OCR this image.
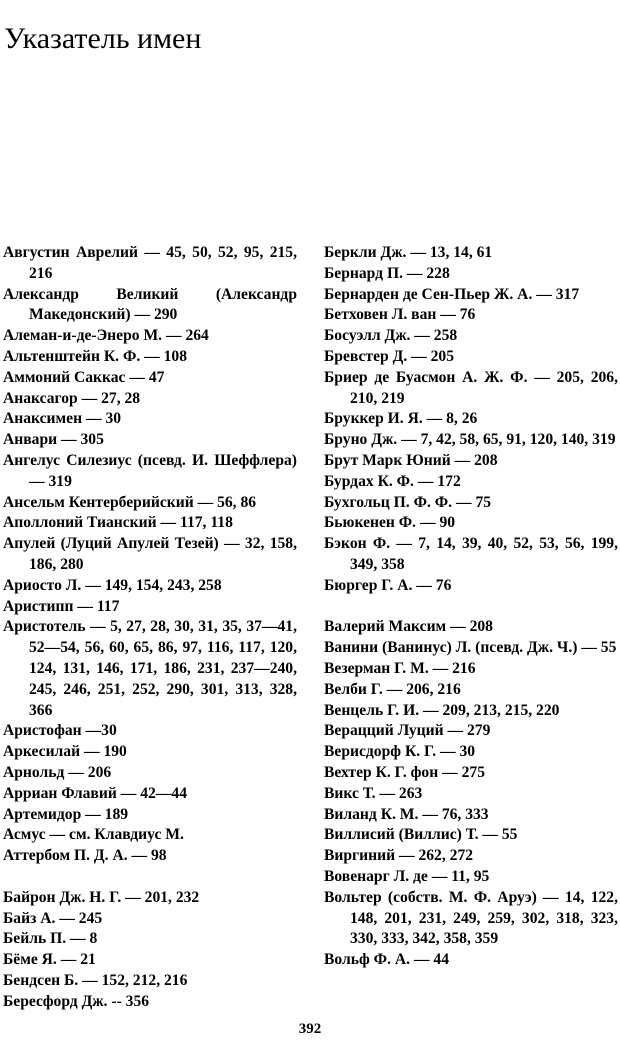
Указатель имен

Августин Аврелий — 45, 50, 52, 95, 215, 216

Александр Великий (Александр Македонский) — 290

Алеман-и-де-Энеро М. — 264

Альтенштейн К. Ф. — 108

Аммоний Саккас — 47

Анаксагор — 27, 28

Анаксимен — 30

Анвари — 305

Ангелус Силезиус (псевд. И. Шеффлера) — 319

Ансельм Кентерберийский — 56, 86

Аполлоний Тианский — 117, 118

Апулей (Луций Апулей Тезей) — 32, 158, 186, 280

Ариосто Л. — 149, 154, 243, 258

Аристипп — 117

Аристотель — 5, 27, 28, 30, 31, 35, 37—41, 52—54, 56, 60, 65, 86, 97, 116, 117, 120, 124, 131, 146, 171, 186, 231, 237—240, 245, 246, 251, 252, 290, 301, 313, 328, 366

Аристофан —30

Аркесилай — 190

Арнольд — 206

Арриан Флавий — 42—44

Артемидор — 189

Асмус — см. Клавдиус М.

Аттербом П. Д. А. — 98

Байрон Дж. Н. Г. — 201, 232

Байз А. — 245

Бейль П. — 8

Бёме Я. — 21

Бендсен Б. — 152, 212, 216

Бересфорд Дж. -- 356

Беркли Дж. — 13, 14, 61

Бернард П. — 228

Бернарден де Сен-Пьер Ж. А. — 317

Бетховен Л. ван — 76

Босуэлл Дж. — 258

Бревстер Д. — 205

Бриер де Буасмон А. Ж. Ф. — 205, 206, 210, 219

Бруккер И. Я. — 8, 26

Бруно Дж. — 7, 42, 58, 65, 91, 120, 140, 319

Брут Марк Юний — 208

Бурдах К. Ф. — 172

Бухгольц П. Ф. Ф. — 75

Бьюкенен Ф. — 90

Бэкон Ф. — 7, 14, 39, 40, 52, 53, 56, 199, 349, 358

Бюргер Г. А. — 76

Валерий Максим — 208

Ванини (Ванинус) Л. (псевд. Дж. Ч.) — 55

Везерман Г. М. — 216

Велби Г. — 206, 216

Венцель Г. И. — 209, 213, 215, 220

Верацций Луций — 279

Верисдорф К. Г. — 30

Вехтер К. Г. фон — 275

Викс Т. — 263

Виланд К. М. — 76, 333

Виллисий (Виллис) Т. — 55

Виргиний — 262, 272

Вовенарг Л. де — 11, 95

Вольтер (собств. М. Ф. Аруэ) — 14, 122, 148, 201, 231, 249, 259, 302, 318, 323, 330, 333, 342, 358, 359

Вольф Ф. А. — 44

392
